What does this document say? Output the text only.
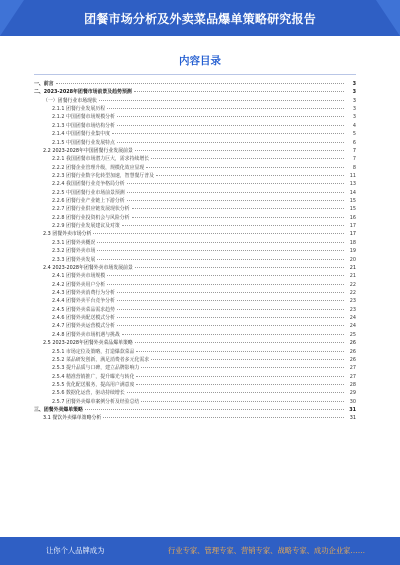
团餐市场分析及外卖菜品爆单策略研究报告
内容目录
一、前言	3
二、2023-2028年团餐市场前景及趋势预测	3
（一）团餐行业市场现状	3
2.1.1 团餐行业发展历程	3
2.1.2 中国团餐市场规模分析	3
2.1.3 中国团餐市场结构分析	4
2.1.4 中国团餐行业集中度	5
2.1.5 中国团餐行业发展特点	6
2.2 2023-2028年中国团餐行业发展前景	7
2.2.1 我国团餐市场潜力巨大，需求持续增长	7
2.2.2 团餐企业管理升级，规模化效应显现	8
2.2.3 团餐行业数字化转型加速，智慧餐厅普及	11
2.2.4 我国团餐行业竞争格局分析	13
2.2.5 中国团餐行业市场前景预测	14
2.2.6 团餐行业产业链上下游分析	15
2.2.7 团餐行业供应链发展现状分析	15
2.2.8 团餐行业投资机会与风险分析	16
2.2.9 团餐行业发展建议及对策	17
2.3 团餐外卖市场分析	17
2.3.1 团餐外卖概况	18
2.3.2 团餐外卖市场	19
2.3.3 团餐外卖发展	20
2.4 2023-2028年团餐外卖市场发展前景	21
2.4.1 团餐外卖市场规模	21
2.4.2 团餐外卖用户分析	22
2.4.3 团餐外卖消费行为分析	22
2.4.4 团餐外卖平台竞争分析	23
2.4.5 团餐外卖菜品需求趋势	23
2.4.6 团餐外卖配送模式分析	24
2.4.7 团餐外卖运营模式分析	24
2.4.8 团餐外卖市场机遇与挑战	25
2.5 2023-2028年团餐外卖菜品爆单策略	26
2.5.1 市场定位及策略，打造爆款菜品	26
2.5.2 菜品研发创新，满足消费者多元化需求	26
2.5.3 提升品质与口碑，建立品牌影响力	27
2.5.4 精准营销推广，提升曝光与转化	27
2.5.5 优化配送服务，提高用户满意度	28
2.5.6 数据化运营，驱动持续增长	29
2.5.7 团餐外卖爆单案例分析及经验总结	30
三、团餐外卖爆单策略	31
3.1 餐饮外卖爆单策略分析	31
让你个人品牌成为	行业专家、管理专家、营销专家、战略专家、成功企业家……
